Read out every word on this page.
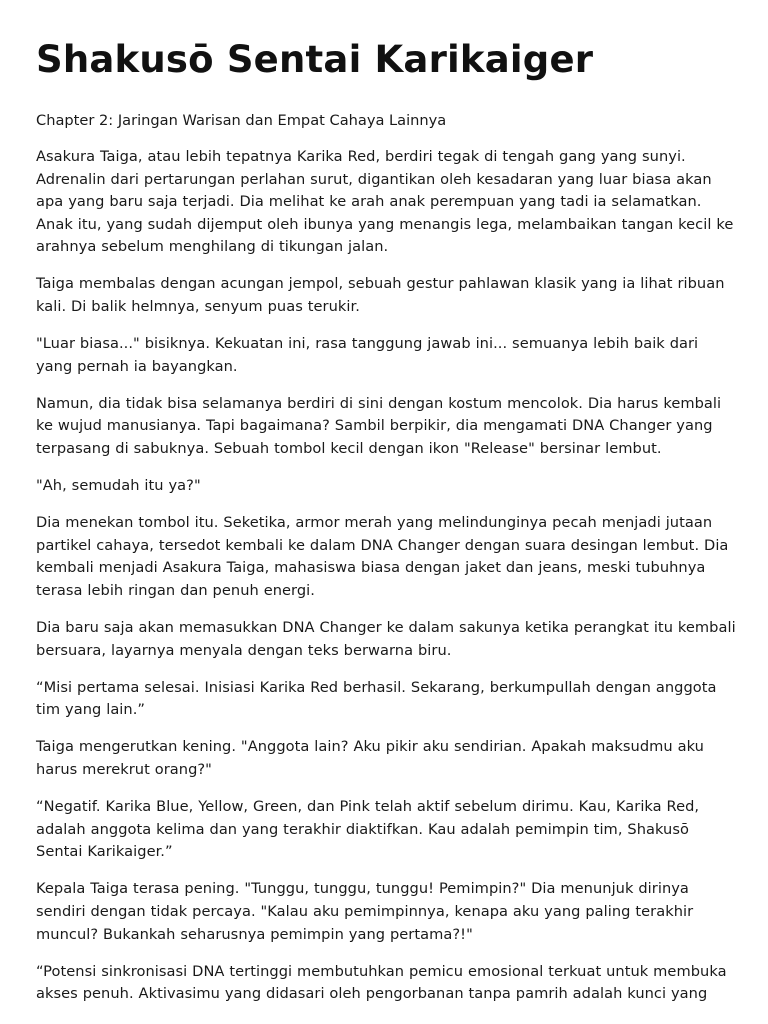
Shakusō Sentai Karikaiger

Chapter 2: Jaringan Warisan dan Empat Cahaya Lainnya

Asakura Taiga, atau lebih tepatnya Karika Red, berdiri tegak di tengah gang yang sunyi. Adrenalin dari pertarungan perlahan surut, digantikan oleh kesadaran yang luar biasa akan apa yang baru saja terjadi. Dia melihat ke arah anak perempuan yang tadi ia selamatkan. Anak itu, yang sudah dijemput oleh ibunya yang menangis lega, melambaikan tangan kecil ke arahnya sebelum menghilang di tikungan jalan.

Taiga membalas dengan acungan jempol, sebuah gestur pahlawan klasik yang ia lihat ribuan kali. Di balik helmnya, senyum puas terukir.

"Luar biasa..." bisiknya. Kekuatan ini, rasa tanggung jawab ini... semuanya lebih baik dari yang pernah ia bayangkan.

Namun, dia tidak bisa selamanya berdiri di sini dengan kostum mencolok. Dia harus kembali ke wujud manusianya. Tapi bagaimana? Sambil berpikir, dia mengamati DNA Changer yang terpasang di sabuknya. Sebuah tombol kecil dengan ikon "Release" bersinar lembut.

"Ah, semudah itu ya?"

Dia menekan tombol itu. Seketika, armor merah yang melindunginya pecah menjadi jutaan partikel cahaya, tersedot kembali ke dalam DNA Changer dengan suara desingan lembut. Dia kembali menjadi Asakura Taiga, mahasiswa biasa dengan jaket dan jeans, meski tubuhnya terasa lebih ringan dan penuh energi.

Dia baru saja akan memasukkan DNA Changer ke dalam sakunya ketika perangkat itu kembali bersuara, layarnya menyala dengan teks berwarna biru.

“Misi pertama selesai. Inisiasi Karika Red berhasil. Sekarang, berkumpullah dengan anggota tim yang lain.”

Taiga mengerutkan kening. "Anggota lain? Aku pikir aku sendirian. Apakah maksudmu aku harus merekrut orang?"

“Negatif. Karika Blue, Yellow, Green, dan Pink telah aktif sebelum dirimu. Kau, Karika Red, adalah anggota kelima dan yang terakhir diaktifkan. Kau adalah pemimpin tim, Shakusō Sentai Karikaiger.”

Kepala Taiga terasa pening. "Tunggu, tunggu, tunggu! Pemimpin?" Dia menunjuk dirinya sendiri dengan tidak percaya. "Kalau aku pemimpinnya, kenapa aku yang paling terakhir muncul? Bukankah seharusnya pemimpin yang pertama?!"

“Potensi sinkronisasi DNA tertinggi membutuhkan pemicu emosional terkuat untuk membuka akses penuh. Aktivasimu yang didasari oleh pengorbanan tanpa pamrih adalah kunci yang
